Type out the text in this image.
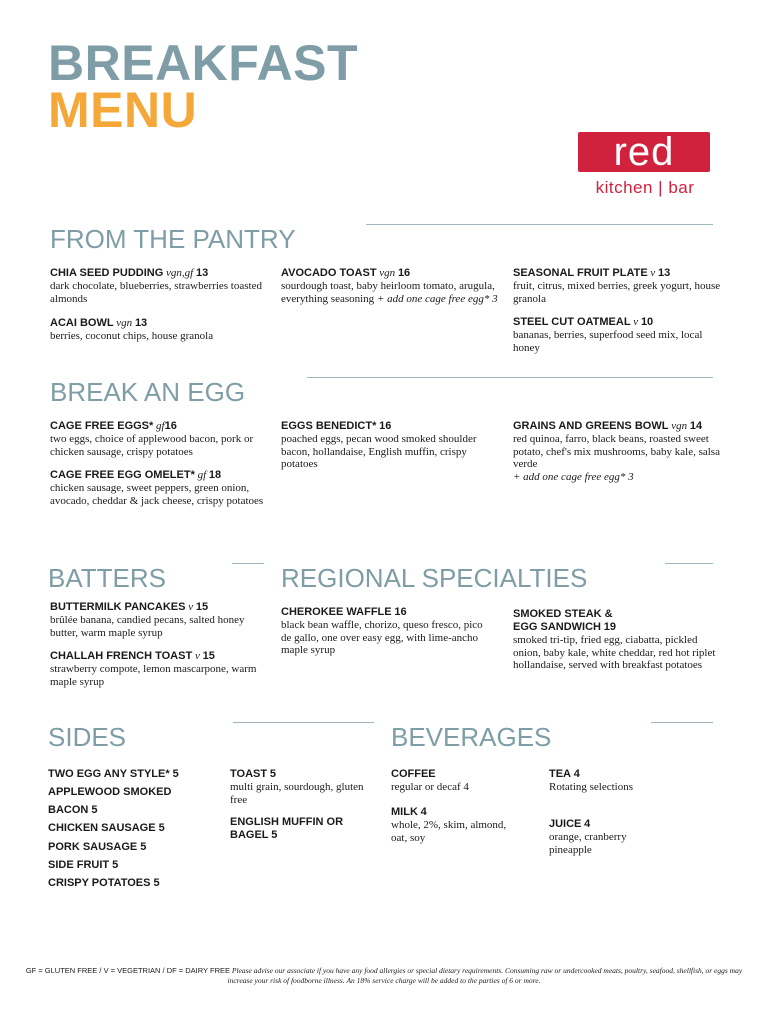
BREAKFAST
MENU
red
kitchen | bar
FROM THE PANTRY
CHIA SEED PUDDING vgn,gf 13
dark chocolate, blueberries, strawberries toasted almonds
ACAI BOWL vgn 13
berries, coconut chips, house granola
AVOCADO TOAST vgn 16
sourdough toast, baby heirloom tomato, arugula, everything seasoning + add one cage free egg* 3
SEASONAL FRUIT PLATE v 13
fruit, citrus, mixed berries, greek yogurt, house granola
STEEL CUT OATMEAL v 10
bananas, berries, superfood seed mix, local honey
BREAK AN EGG
CAGE FREE EGGS* gf16
two eggs, choice of applewood bacon, pork or chicken sausage, crispy potatoes
CAGE FREE EGG OMELET* gf 18
chicken sausage, sweet peppers, green onion, avocado, cheddar & jack cheese, crispy potatoes
EGGS BENEDICT* 16
poached eggs, pecan wood smoked shoulder bacon, hollandaise, English muffin, crispy potatoes
GRAINS AND GREENS BOWL vgn 14
red quinoa, farro, black beans, roasted sweet potato, chef's mix mushrooms, baby kale, salsa verde
+ add one cage free egg* 3
BATTERS	REGIONAL SPECIALTIES
BUTTERMILK PANCAKES v 15
brûlée banana, candied pecans, salted honey butter, warm maple syrup
CHALLAH FRENCH TOAST v 15
strawberry compote, lemon mascarpone, warm maple syrup
CHEROKEE WAFFLE 16
black bean waffle, chorizo, queso fresco, pico de gallo, one over easy egg, with lime-ancho maple syrup
SMOKED STEAK &
EGG SANDWICH 19
smoked tri-tip, fried egg, ciabatta, pickled onion, baby kale, white cheddar, red hot riplet hollandaise, served with breakfast potatoes
SIDES	BEVERAGES
TWO EGG ANY STYLE* 5
APPLEWOOD SMOKED
BACON 5
CHICKEN SAUSAGE 5
PORK SAUSAGE 5
SIDE FRUIT 5
CRISPY POTATOES 5
TOAST 5
multi grain, sourdough, gluten free
ENGLISH MUFFIN OR BAGEL 5
COFFEE
regular or decaf 4
MILK 4
whole, 2%, skim, almond, oat, soy
TEA 4
Rotating selections
JUICE 4
orange, cranberry pineapple
GF = GLUTEN FREE / V = VEGETRIAN / DF = DAIRY FREE Please advise our associate if you have any food allergies or special dietary requirements. Consuming raw or undercooked meats, poultry, seafood, shellfish, or eggs may increase your risk of foodborne illness. An 18% service charge will be added to the parties of 6 or more.
